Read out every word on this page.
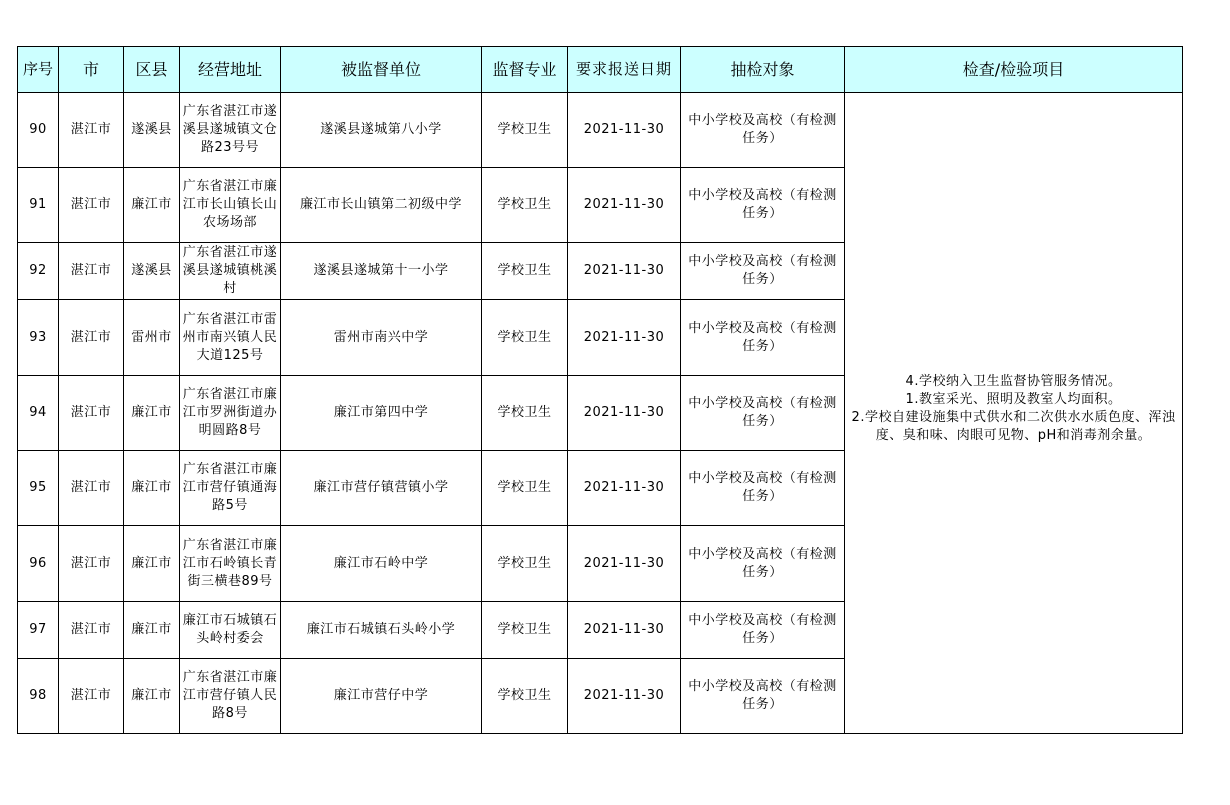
序号	市	区县	经营地址	被监督单位	监督专业	要求报送日期	抽检对象	检查/检验项目
90	湛江市	遂溪县	广东省湛江市遂溪县遂城镇文仓路23号号	遂溪县遂城第八小学	学校卫生	2021-11-30	中小学校及高校（有检测任务）	4.学校纳入卫生监督协管服务情况。

1.教室采光、照明及教室人均面积。

2.学校自建设施集中式供水和二次供水水质色度、浑浊度、臭和味、肉眼可见物、pH和消毒剂余量。

91	湛江市	廉江市	广东省湛江市廉江市长山镇长山农场场部	廉江市长山镇第二初级中学	学校卫生	2021-11-30	中小学校及高校（有检测任务）	
92	湛江市	遂溪县	广东省湛江市遂溪县遂城镇桃溪村	遂溪县遂城第十一小学	学校卫生	2021-11-30	中小学校及高校（有检测任务）	
93	湛江市	雷州市	广东省湛江市雷州市南兴镇人民大道125号	雷州市南兴中学	学校卫生	2021-11-30	中小学校及高校（有检测任务）	
94	湛江市	廉江市	广东省湛江市廉江市罗洲街道办明圆路8号	廉江市第四中学	学校卫生	2021-11-30	中小学校及高校（有检测任务）	
95	湛江市	廉江市	广东省湛江市廉江市营仔镇通海路5号	廉江市营仔镇营镇小学	学校卫生	2021-11-30	中小学校及高校（有检测任务）	
96	湛江市	廉江市	广东省湛江市廉江市石岭镇长青街三横巷89号	廉江市石岭中学	学校卫生	2021-11-30	中小学校及高校（有检测任务）	
97	湛江市	廉江市	廉江市石城镇石头岭村委会	廉江市石城镇石头岭小学	学校卫生	2021-11-30	中小学校及高校（有检测任务）	
98	湛江市	廉江市	广东省湛江市廉江市营仔镇人民路8号	廉江市营仔中学	学校卫生	2021-11-30	中小学校及高校（有检测任务）	
